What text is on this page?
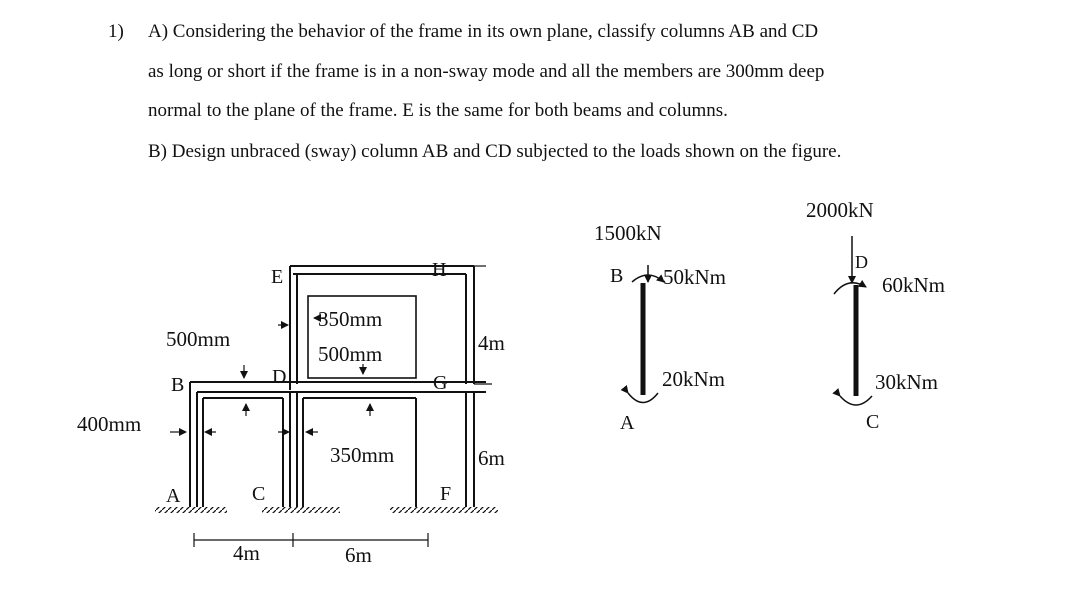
1) A) Considering the behavior of the frame in its own plane, classify columns AB and CD
as long or short if the frame is in a non-sway mode and all the members are 300mm deep
normal to the plane of the frame. E is the same for both beams and columns.
B) Design unbraced (sway) column AB and CD subjected to the loads shown on the figure.
E	H
D
B	G
A	C	F
500mm
400mm
350mm
500mm
350mm
4m
6m
4m	6m
1500kN
B 50kNm
20kNm
A
2000kN
D
60kNm
30kNm
C
